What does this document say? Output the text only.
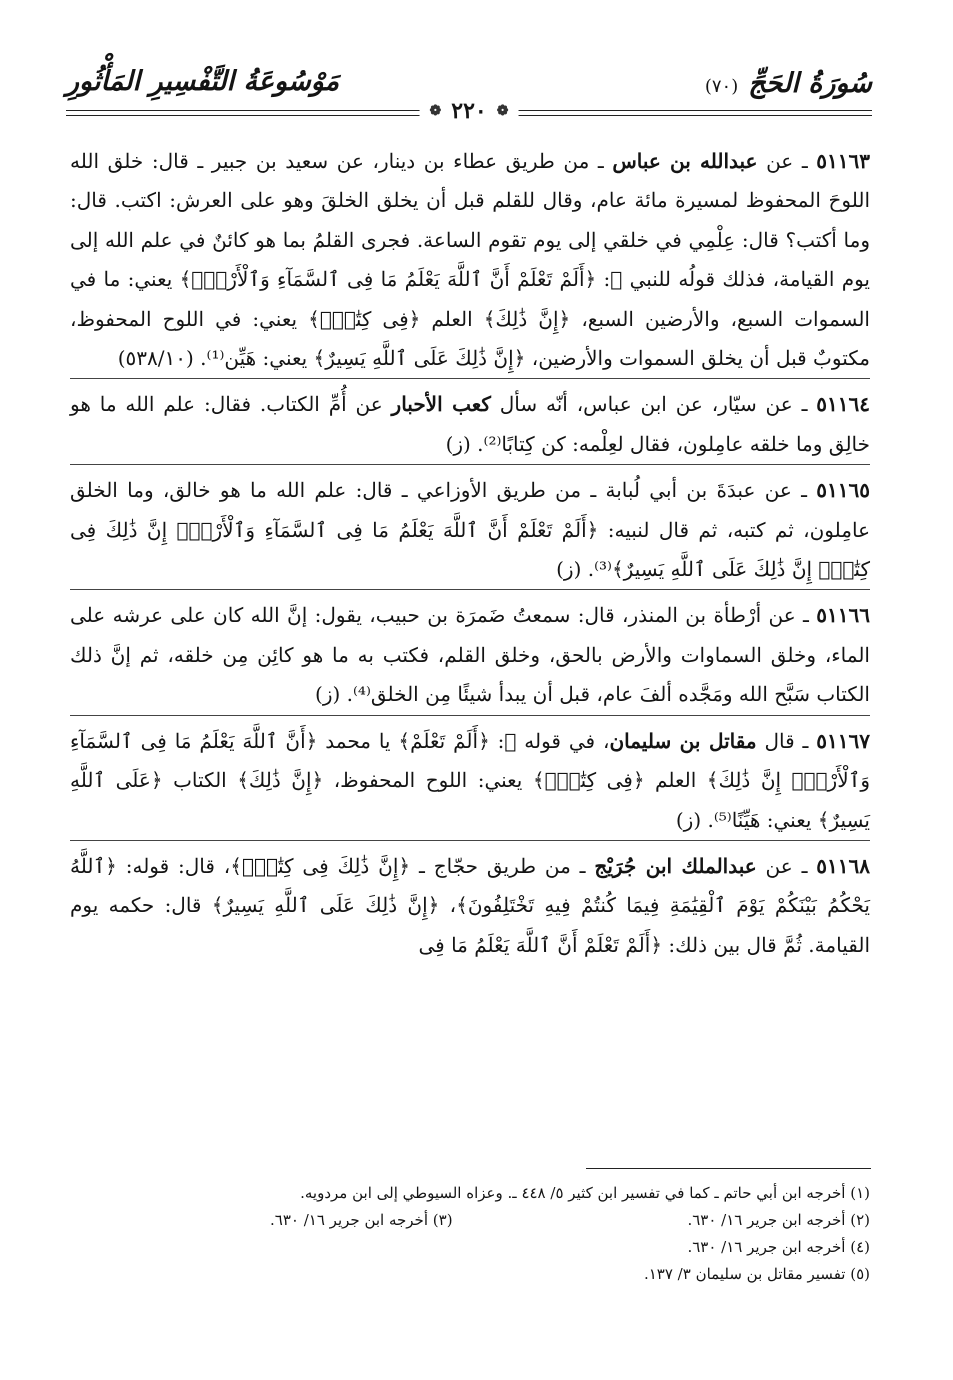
سُورَةُ الحَجِّ
(٧٠)
مَوْسُوعَةُ التَّفْسِيرِ المَأْثُورِ
❁
٢٢٠
❁

٥١١٦٣ ـ عن عبدالله بن عباس ـ من طريق عطاء بن دينار، عن سعيد بن جبير ـ قال: خلق الله اللوحَ المحفوظ لمسيرة مائة عام، وقال للقلم قبل أن يخلق الخلقَ وهو على العرش: اكتب. قال: وما أكتب؟ قال: عِلْمِي في خلقي إلى يوم تقوم الساعة. فجرى القلمُ بما هو كائنٌ في علم الله إلى يوم القيامة، فذلك قولُه للنبي ﷺ: ﴿أَلَمْ تَعْلَمْ أَنَّ ٱللَّهَ يَعْلَمُ مَا فِى ٱلسَّمَآءِ وَٱلْأَرْضِۗ﴾ يعني: ما في السموات السبع، والأرضين السبع، ﴿إِنَّ ذَٰلِكَ﴾ العلم ﴿فِى كِتَٰبٍۚ﴾ يعني: في اللوح المحفوظ، مكتوبٌ قبل أن يخلق السموات والأرضين، ﴿إِنَّ ذَٰلِكَ عَلَى ٱللَّهِ يَسِيرٌ﴾ يعني: هَيِّن⁽¹⁾. (٥٣٨/١٠)

٥١١٦٤ ـ عن سيّار، عن ابن عباس، أنّه سأل كعب الأحبار عن أُمِّ الكتاب. فقال: علم الله ما هو خالِق وما خلقه عامِلون، فقال لعِلْمه: كن كِتابًا⁽²⁾. (ز)

٥١١٦٥ ـ عن عبدَةَ بن أبي لُبابة ـ من طريق الأوزاعي ـ قال: علم الله ما هو خالق، وما الخلق عامِلون، ثم كتبه، ثم قال لنبيه: ﴿أَلَمْ تَعْلَمْ أَنَّ ٱللَّهَ يَعْلَمُ مَا فِى ٱلسَّمَآءِ وَٱلْأَرْضِۗ إِنَّ ذَٰلِكَ فِى كِتَٰبٍۚ إِنَّ ذَٰلِكَ عَلَى ٱللَّهِ يَسِيرٌ﴾⁽³⁾. (ز)

٥١١٦٦ ـ عن أرْطأة بن المنذر، قال: سمعتُ ضَمرَة بن حبيب، يقول: إنَّ الله كان على عرشه على الماء، وخلق السماوات والأرض بالحق، وخلق القلم، فكتب به ما هو كائِن مِن خلقه، ثم إنَّ ذلك الكتاب سَبَّح الله ومَجَّده ألفَ عام، قبل أن يبدأ شيئًا مِن الخلق⁽⁴⁾. (ز)

٥١١٦٧ ـ قال مقاتل بن سليمان، في قوله ﷻ: ﴿أَلَمْ تَعْلَمْ﴾ يا محمد ﴿أَنَّ ٱللَّهَ يَعْلَمُ مَا فِى ٱلسَّمَآءِ وَٱلْأَرْضِۗ إِنَّ ذَٰلِكَ﴾ العلم ﴿فِى كِتَٰبٍۚ﴾ يعني: اللوح المحفوظ، ﴿إِنَّ ذَٰلِكَ﴾ الكتاب ﴿عَلَى ٱللَّهِ يَسِيرٌ﴾ يعني: هَيِّنًا⁽⁵⁾. (ز)

٥١١٦٨ ـ عن عبدالملك ابن جُرَيْج ـ من طريق حجّاج ـ ﴿إِنَّ ذَٰلِكَ فِى كِتَٰبٍۚ﴾، قال: قوله: ﴿ٱللَّهُ يَحْكُمُ بَيْنَكُمْ يَوْمَ ٱلْقِيَٰمَةِ فِيمَا كُنتُمْ فِيهِ تَخْتَلِفُونَ﴾، ﴿إِنَّ ذَٰلِكَ عَلَى ٱللَّهِ يَسِيرٌ﴾ قال: حكمه يوم القيامة. ثُمَّ قال بين ذلك: ﴿أَلَمْ تَعْلَمْ أَنَّ ٱللَّهَ يَعْلَمُ مَا فِى

(١) أخرجه ابن أبي حاتم ـ كما في تفسير ابن كثير ٥/ ٤٤٨ ـ. وعزاه السيوطي إلى ابن مردويه.
(٢) أخرجه ابن جرير ١٦/ ٦٣٠.
(٣) أخرجه ابن جرير ١٦/ ٦٣٠.
(٤) أخرجه ابن جرير ١٦/ ٦٣٠.
(٥) تفسير مقاتل بن سليمان ٣/ ١٣٧.
